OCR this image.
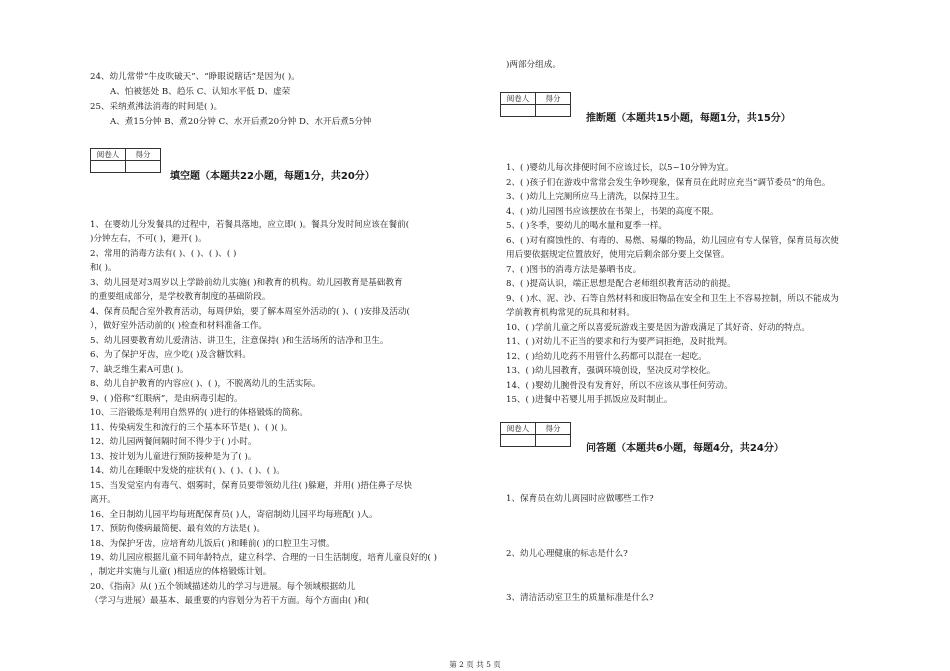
24、幼儿常带“牛皮吹破天”、“睁眼说瞎话”是因为( )。
A、怕被惩处 B、趋乐 C、认知水平低 D、虚荣
25、采纳煮沸法消毒的时间是( )。
A、煮15分钟 B、煮20分钟 C、水开后煮20分钟 D、水开后煮5分钟
阅卷人	得分

填空题（本题共22小题，每题1分，共20分）
1、在婴幼儿分发餐具的过程中，若餐具落地，应立即( )。餐具分发时间应该在餐前(
)分钟左右，不可( )，避开( )。
2、常用的消毒方法有( )、( )、( )、( )
和( )。
3、幼儿园是对3周岁以上学龄前幼儿实施( )和教育的机构。幼儿园教育是基础教育
的重要组成部分，是学校教育制度的基础阶段。
4、保育员配合室外教育活动，每周伊始，要了解本周室外活动的( )、( )安排及活动(
），做好室外活动前的( )检查和材料准备工作。
5、幼儿园要教育幼儿爱清洁、讲卫生，注意保持( )和生活场所的洁净和卫生。
6、为了保护牙齿，应少吃( )及含糖饮料。
7、缺乏维生素A可患( )。
8、幼儿自护教育的内容应( )、( )，不脱离幼儿的生活实际。
9、( )俗称“红眼病”，是由病毒引起的。
10、三浴锻炼是利用自然界的( )进行的体格锻炼的简称。
11、传染病发生和流行的三个基本环节是( )、( )( )。
12、幼儿园两餐间隔时间不得少于( )小时。
13、按计划为儿童进行预防接种是为了( )。
14、幼儿在睡眠中发烧的症状有( )、( )、( )、( )。
15、当发觉室内有毒气、烟雾时，保育员要带领幼儿往( )躲避，并用( )捂住鼻子尽快
离开。
16、全日制幼儿园平均每班配保育员( )人，寄宿制幼儿园平均每班配( )人。
17、预防佝偻病最简便、最有效的方法是( )。
18、为保护牙齿，应培育幼儿饭后( )和睡前( )的口腔卫生习惯。
19、幼儿园应根据儿童不同年龄特点，建立科学、合理的一日生活制度，培育儿童良好的( )
，制定并实施与儿童( )相适应的体格锻炼计划。
20、《指南》从( )五个领域描述幼儿的学习与进展。每个领域根据幼儿
（学习与进展）最基本、最重要的内容划分为若干方面。每个方面由( )和(
)两部分组成。
阅卷人	得分

推断题（本题共15小题，每题1分，共15分）
1、( )婴幼儿每次排便时间不应该过长，以5~10分钟为宜。
2、( )孩子们在游戏中常常会发生争吵现象，保育员在此时应充当“调节委员”的角色。
3、( )幼儿上完厕所应马上清洗，以保持卫生。
4、( )幼儿园图书应该摆放在书架上，书架的高度不限。
5、( )冬季，要幼儿的喝水量和夏季一样。
6、( )对有腐蚀性的、有毒的、易燃、易爆的物品，幼儿园应有专人保管，保育员每次使
用后要依据规定位置放好，使用完后剩余部分要上交保管。
7、( )图书的消毒方法是暴晒书皮。
8、( )提高认识，端正思想是配合老师组织教育活动的前提。
9、( )水、泥、沙、石等自然材料和废旧物品在安全和卫生上不容易控制，所以不能成为
学前教育机构常见的玩具和材料。
10、( )学前儿童之所以喜爱玩游戏主要是因为游戏满足了其好奇、好动的特点。
11、( )对幼儿不正当的要求和行为要严词拒绝，及时批判。
12、( )给幼儿吃药不用管什么药都可以混在一起吃。
13、( )幼儿园教育，强调环境创设，坚决反对学校化。
14、( )婴幼儿腕骨没有发育好，所以不应该从事任何劳动。
15、( )进餐中若婴儿用手抓饭应及时制止。
阅卷人	得分

问答题（本题共6小题，每题4分，共24分）
1、保育员在幼儿离园时应做哪些工作?
2、幼儿心理健康的标志是什么?
3、清洁活动室卫生的质量标准是什么?
第 2 页 共 5 页
